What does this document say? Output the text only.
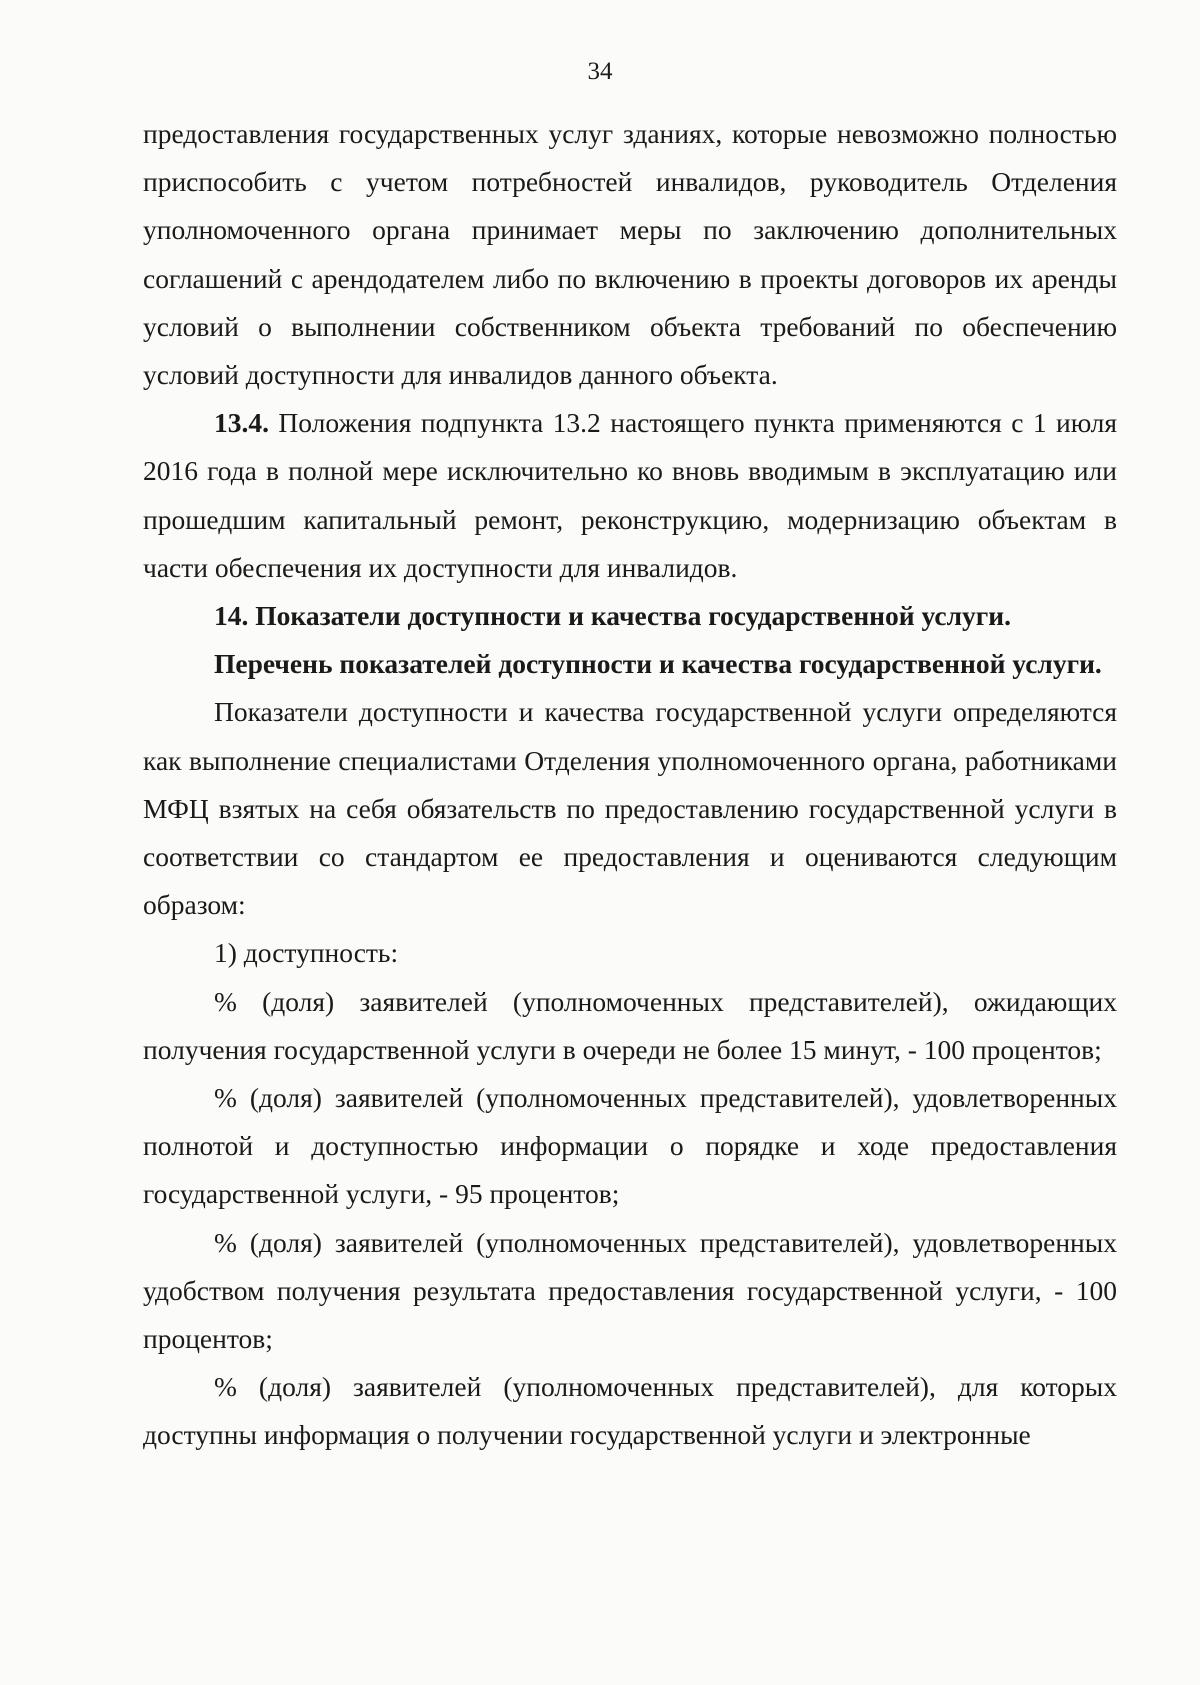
34

предоставления государственных услуг зданиях, которые невозможно полностью приспособить с учетом потребностей инвалидов, руководитель Отделения уполномоченного органа принимает меры по заключению дополнительных соглашений с арендодателем либо по включению в проекты договоров их аренды условий о выполнении собственником объекта требований по обеспечению условий доступности для инвалидов данного объекта.

13.4. Положения подпункта 13.2 настоящего пункта применяются с 1 июля 2016 года в полной мере исключительно ко вновь вводимым в эксплуатацию или прошедшим капитальный ремонт, реконструкцию, модернизацию объектам в части обеспечения их доступности для инвалидов.

14. Показатели доступности и качества государственной услуги.

Перечень показателей доступности и качества государственной услуги.

Показатели доступности и качества государственной услуги определяются как выполнение специалистами Отделения уполномоченного органа, работниками МФЦ взятых на себя обязательств по предоставлению государственной услуги в соответствии со стандартом ее предоставления и оцениваются следующим образом:

1) доступность:

% (доля) заявителей (уполномоченных представителей), ожидающих получения государственной услуги в очереди не более 15 минут, - 100 процентов;

% (доля) заявителей (уполномоченных представителей), удовлетворенных полнотой и доступностью информации о порядке и ходе предоставления государственной услуги, - 95 процентов;

% (доля) заявителей (уполномоченных представителей), удовлетворенных удобством получения результата предоставления государственной услуги, - 100 процентов;

% (доля) заявителей (уполномоченных представителей), для которых доступны информация о получении государственной услуги и электронные
